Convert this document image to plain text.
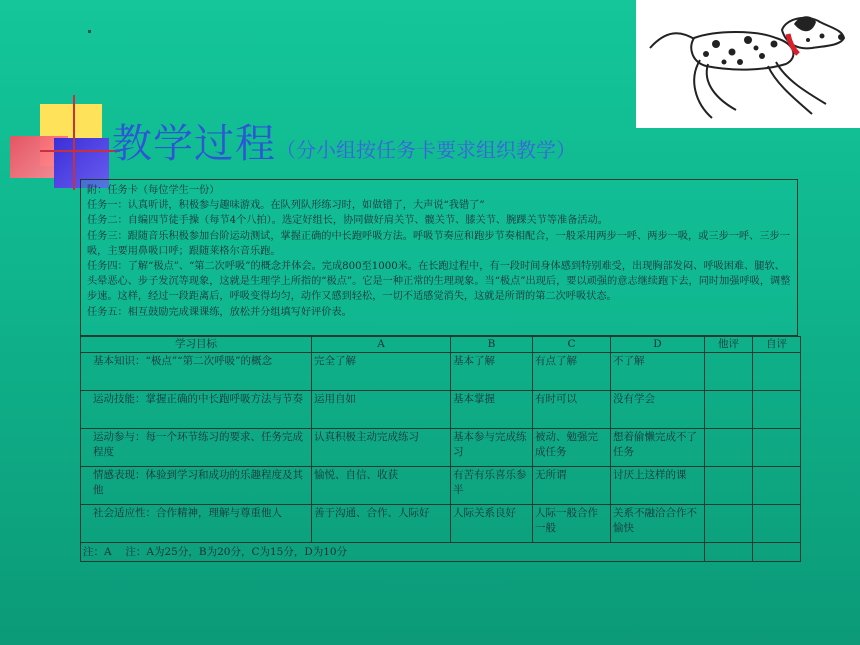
教学过程（分小组按任务卡要求组织教学）

附：任务卡（每位学生一份）

任务一：认真听讲，积极参与趣味游戏。在队列队形练习时，如做错了，大声说“我错了”

任务二：自编四节徒手操（每节4个八拍）。选定好组长，协同做好肩关节、髋关节、膝关节、腕踝关节等准备活动。

任务三：跟随音乐积极参加台阶运动测试，掌握正确的中长跑呼吸方法。呼吸节奏应和跑步节奏相配合，一般采用两步一呼、两步一吸，或三步一呼、三步一吸，主要用鼻吸口呼；跟随莱格尔音乐跑。

任务四：了解“极点”、“第二次呼吸”的概念并体会。完成800至1000米。在长跑过程中，有一段时间身体感到特别难受，出现胸部发闷、呼吸困难、腿软、头晕恶心、步子发沉等现象，这就是生理学上所指的“极点”。它是一种正常的生理现象。当“极点”出现后，要以顽强的意志继续跑下去，同时加强呼吸，调整步速。这样，经过一段距离后，呼吸变得均匀，动作又感到轻松，一切不适感觉消失，这就是所谓的第二次呼吸状态。

任务五：相互鼓励完成课课练，放松并分组填写好评价表。

学习目标	A	B	C	D	他评	自评
基本知识：“极点”“第二次呼吸”的概念	完全了解	基本了解	有点了解	不了解		
运动技能：掌握正确的中长跑呼吸方法与节奏	运用自如	基本掌握	有时可以	没有学会		
运动参与：每一个环节练习的要求、任务完成程度	认真积极主动完成练习	基本参与完成练习	被动、勉强完成任务	想着偷懒完成不了任务		
情感表现：体验到学习和成功的乐趣程度及其他	愉悦、自信、收获	有苦有乐喜乐参半	无所谓	讨厌上这样的课		
社会适应性：合作精神，理解与尊重他人	善于沟通、合作、人际好	人际关系良好	人际一般合作一般	关系不融洽合作不愉快		
注：A　 注：A为25分，B为20分，C为15分，D为10分						
